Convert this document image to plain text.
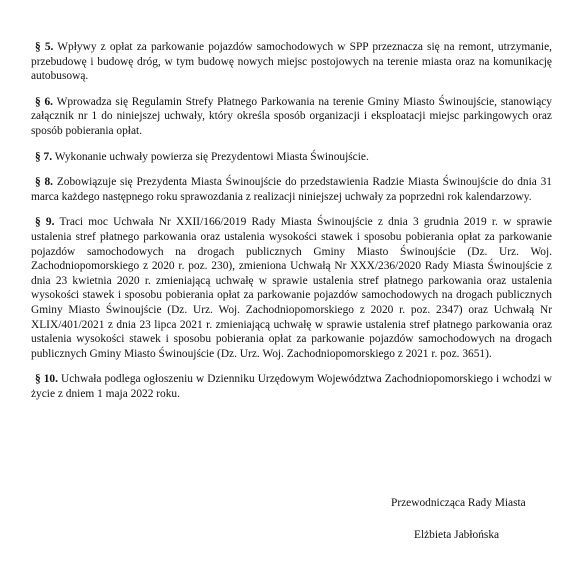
§ 5. Wpływy z opłat za parkowanie pojazdów samochodowych w SPP przeznacza się na remont, utrzymanie, przebudowę i budowę dróg, w tym budowę nowych miejsc postojowych na terenie miasta oraz na komunikację autobusową.

§ 6. Wprowadza się Regulamin Strefy Płatnego Parkowania na terenie Gminy Miasto Świnoujście, stanowiący załącznik nr 1 do niniejszej uchwały, który określa sposób organizacji i eksploatacji miejsc parkingowych oraz sposób pobierania opłat.

§ 7. Wykonanie uchwały powierza się Prezydentowi Miasta Świnoujście.

§ 8. Zobowiązuje się Prezydenta Miasta Świnoujście do przedstawienia Radzie Miasta Świnoujście do dnia 31 marca każdego następnego roku sprawozdania z realizacji niniejszej uchwały za poprzedni rok kalendarzowy.

§ 9. Traci moc Uchwała Nr XXII/166/2019 Rady Miasta Świnoujście z dnia 3 grudnia 2019 r. w sprawie ustalenia stref płatnego parkowania oraz ustalenia wysokości stawek i sposobu pobierania opłat za parkowanie pojazdów samochodowych na drogach publicznych Gminy Miasto Świnoujście (Dz. Urz. Woj. Zachodniopomorskiego z 2020 r. poz. 230), zmieniona Uchwałą Nr XXX/236/2020 Rady Miasta Świnoujście z dnia 23 kwietnia 2020 r. zmieniającą uchwałę w sprawie ustalenia stref płatnego parkowania oraz ustalenia wysokości stawek i sposobu pobierania opłat za parkowanie pojazdów samochodowych na drogach publicznych Gminy Miasto Świnoujście (Dz. Urz. Woj. Zachodniopomorskiego z 2020 r. poz. 2347) oraz Uchwałą Nr XLIX/401/2021 z dnia 23 lipca 2021 r. zmieniającą uchwałę w sprawie ustalenia stref płatnego parkowania oraz ustalenia wysokości stawek i sposobu pobierania opłat za parkowanie pojazdów samochodowych na drogach publicznych Gminy Miasto Świnoujście (Dz. Urz. Woj. Zachodniopomorskiego z 2021 r. poz. 3651).

§ 10. Uchwała podlega ogłoszeniu w Dzienniku Urzędowym Województwa Zachodniopomorskiego i wchodzi w życie z dniem 1 maja 2022 roku.

Przewodnicząca Rady Miasta
Elżbieta Jabłońska
